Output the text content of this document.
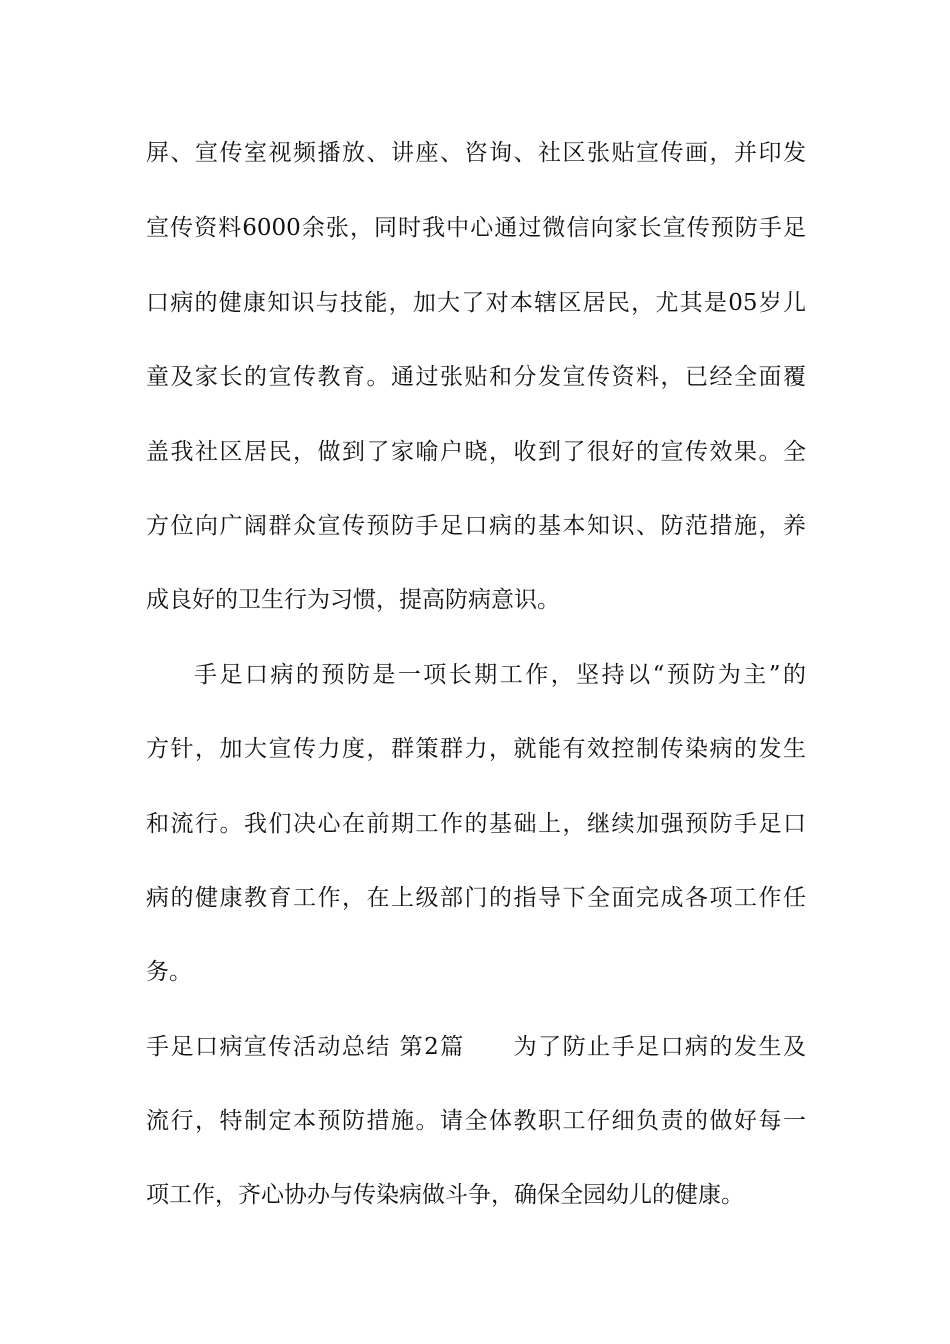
屏、宣传室视频播放、讲座、咨询、社区张贴宣传画，并印发

宣传资料6000余张，同时我中心通过微信向家长宣传预防手足

口病的健康知识与技能，加大了对本辖区居民，尤其是05岁儿

童及家长的宣传教育。通过张贴和分发宣传资料，已经全面覆

盖我社区居民，做到了家喻户晓，收到了很好的宣传效果。全

方位向广阔群众宣传预防手足口病的基本知识、防范措施，养

成良好的卫生行为习惯，提高防病意识。

手足口病的预防是一项长期工作，坚持以“预防为主”的

方针，加大宣传力度，群策群力，就能有效控制传染病的发生

和流行。我们决心在前期工作的基础上，继续加强预防手足口

病的健康教育工作，在上级部门的指导下全面完成各项工作任

务。

手足口病宣传活动总结 第2篇　　为了防止手足口病的发生及

流行，特制定本预防措施。请全体教职工仔细负责的做好每一

项工作，齐心协办与传染病做斗争，确保全园幼儿的健康。
